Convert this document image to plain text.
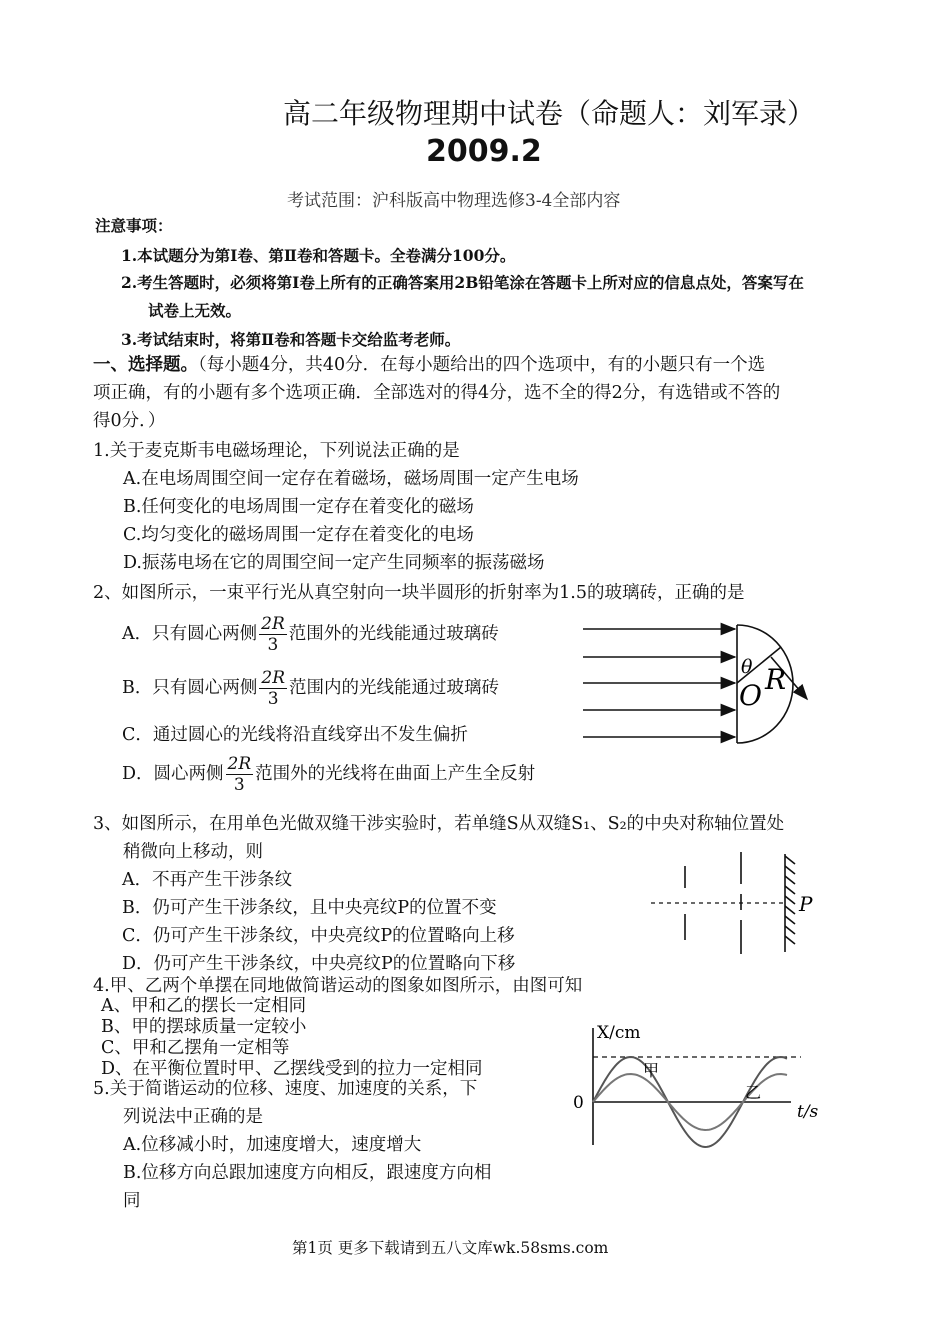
高二年级物理期中试卷（命题人：刘军录）
2009.2
考试范围：沪科版高中物理选修3-4全部内容
注意事项：
1.本试题分为第Ⅰ卷、第Ⅱ卷和答题卡。全卷满分100分。
2.考生答题时，必须将第Ⅰ卷上所有的正确答案用2B铅笔涂在答题卡上所对应的信息点处，答案写在
试卷上无效。
3.考试结束时，将第Ⅱ卷和答题卡交给监考老师。
一、选择题。（每小题4分，共40分．在每小题给出的四个选项中，有的小题只有一个选
项正确，有的小题有多个选项正确．全部选对的得4分，选不全的得2分，有选错或不答的
得0分．）
1.关于麦克斯韦电磁场理论，下列说法正确的是
A.在电场周围空间一定存在着磁场，磁场周围一定产生电场
B.任何变化的电场周围一定存在着变化的磁场
C.均匀变化的磁场周围一定存在着变化的电场
D.振荡电场在它的周围空间一定产生同频率的振荡磁场
2、如图所示，一束平行光从真空射向一块半圆形的折射率为1.5的玻璃砖，正确的是
A．只有圆心两侧 $\frac{2R}{3}$ 范围外的光线能通过玻璃砖
B．只有圆心两侧 $\frac{2R}{3}$ 范围内的光线能通过玻璃砖
C．通过圆心的光线将沿直线穿出不发生偏折
D．圆心两侧 $\frac{2R}{3}$ 范围外的光线将在曲面上产生全反射
θ
O R
3、如图所示，在用单色光做双缝干涉实验时，若单缝S从双缝S₁、S₂的中央对称轴位置处
稍微向上移动，则
A．不再产生干涉条纹
B．仍可产生干涉条纹，且中央亮纹P的位置不变
C．仍可产生干涉条纹，中央亮纹P的位置略向上移
D．仍可产生干涉条纹，中央亮纹P的位置略向下移
P
4.甲、乙两个单摆在同地做简谐运动的图象如图所示，由图可知
A、甲和乙的摆长一定相同
B、甲的摆球质量一定较小
C、甲和乙摆角一定相等
D、在平衡位置时甲、乙摆线受到的拉力一定相同
X/cm
0	t/s
甲
乙
5.关于简谐运动的位移、速度、加速度的关系，下
列说法中正确的是
A.位移减小时，加速度增大，速度增大
B.位移方向总跟加速度方向相反，跟速度方向相
同
第1页 更多下载请到五八文库wk.58sms.com
